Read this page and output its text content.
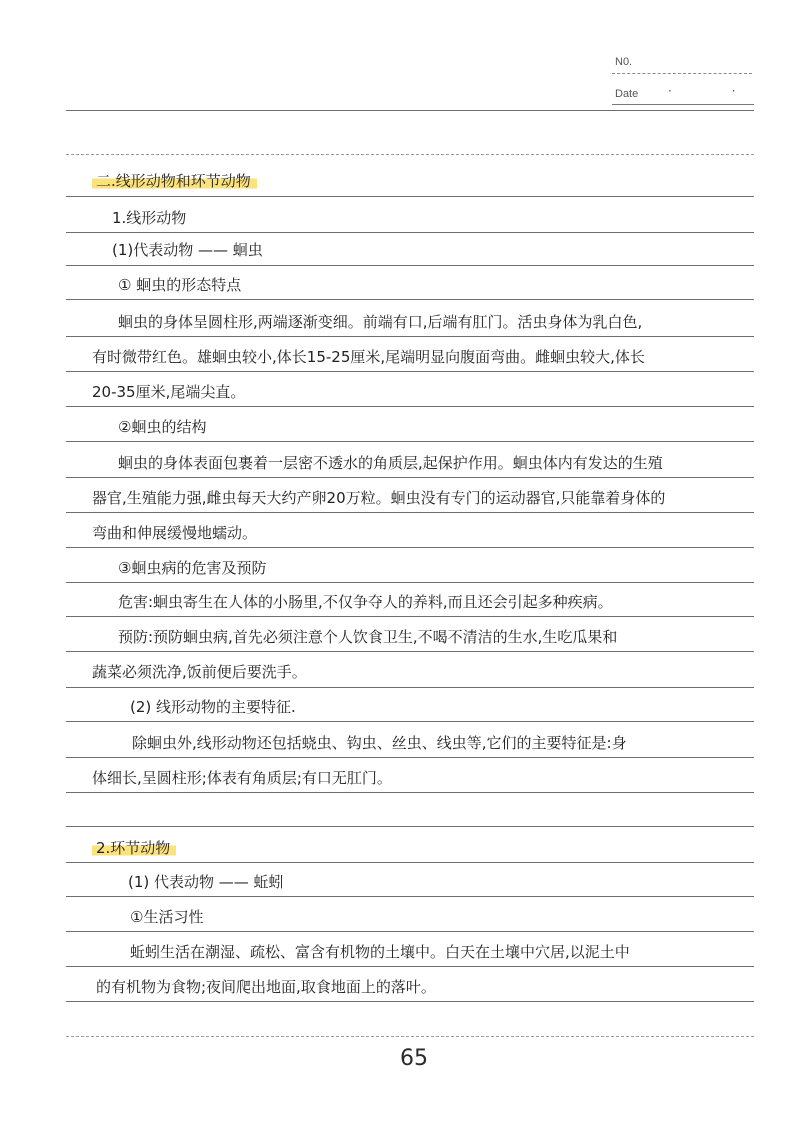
N0.
Date · ·
二.线形动物和环节动物
1.线形动物
(1)代表动物 —— 蛔虫
① 蛔虫的形态特点
蛔虫的身体呈圆柱形,两端逐渐变细。前端有口,后端有肛门。活虫身体为乳白色,
有时微带红色。雄蛔虫较小,体长15-25厘米,尾端明显向腹面弯曲。雌蛔虫较大,体长
20-35厘米,尾端尖直。
②蛔虫的结构
蛔虫的身体表面包裹着一层密不透水的角质层,起保护作用。蛔虫体内有发达的生殖
器官,生殖能力强,雌虫每天大约产卵20万粒。蛔虫没有专门的运动器官,只能靠着身体的
弯曲和伸展缓慢地蠕动。
③蛔虫病的危害及预防
危害:蛔虫寄生在人体的小肠里,不仅争夺人的养料,而且还会引起多种疾病。
预防:预防蛔虫病,首先必须注意个人饮食卫生,不喝不清洁的生水,生吃瓜果和
蔬菜必须洗净,饭前便后要洗手。
(2) 线形动物的主要特征.
除蛔虫外,线形动物还包括蛲虫、钩虫、丝虫、线虫等,它们的主要特征是:身
体细长,呈圆柱形;体表有角质层;有口无肛门。
2.环节动物
(1) 代表动物 —— 蚯蚓
①生活习性
蚯蚓生活在潮湿、疏松、富含有机物的土壤中。白天在土壤中穴居,以泥土中
的有机物为食物;夜间爬出地面,取食地面上的落叶。
65
